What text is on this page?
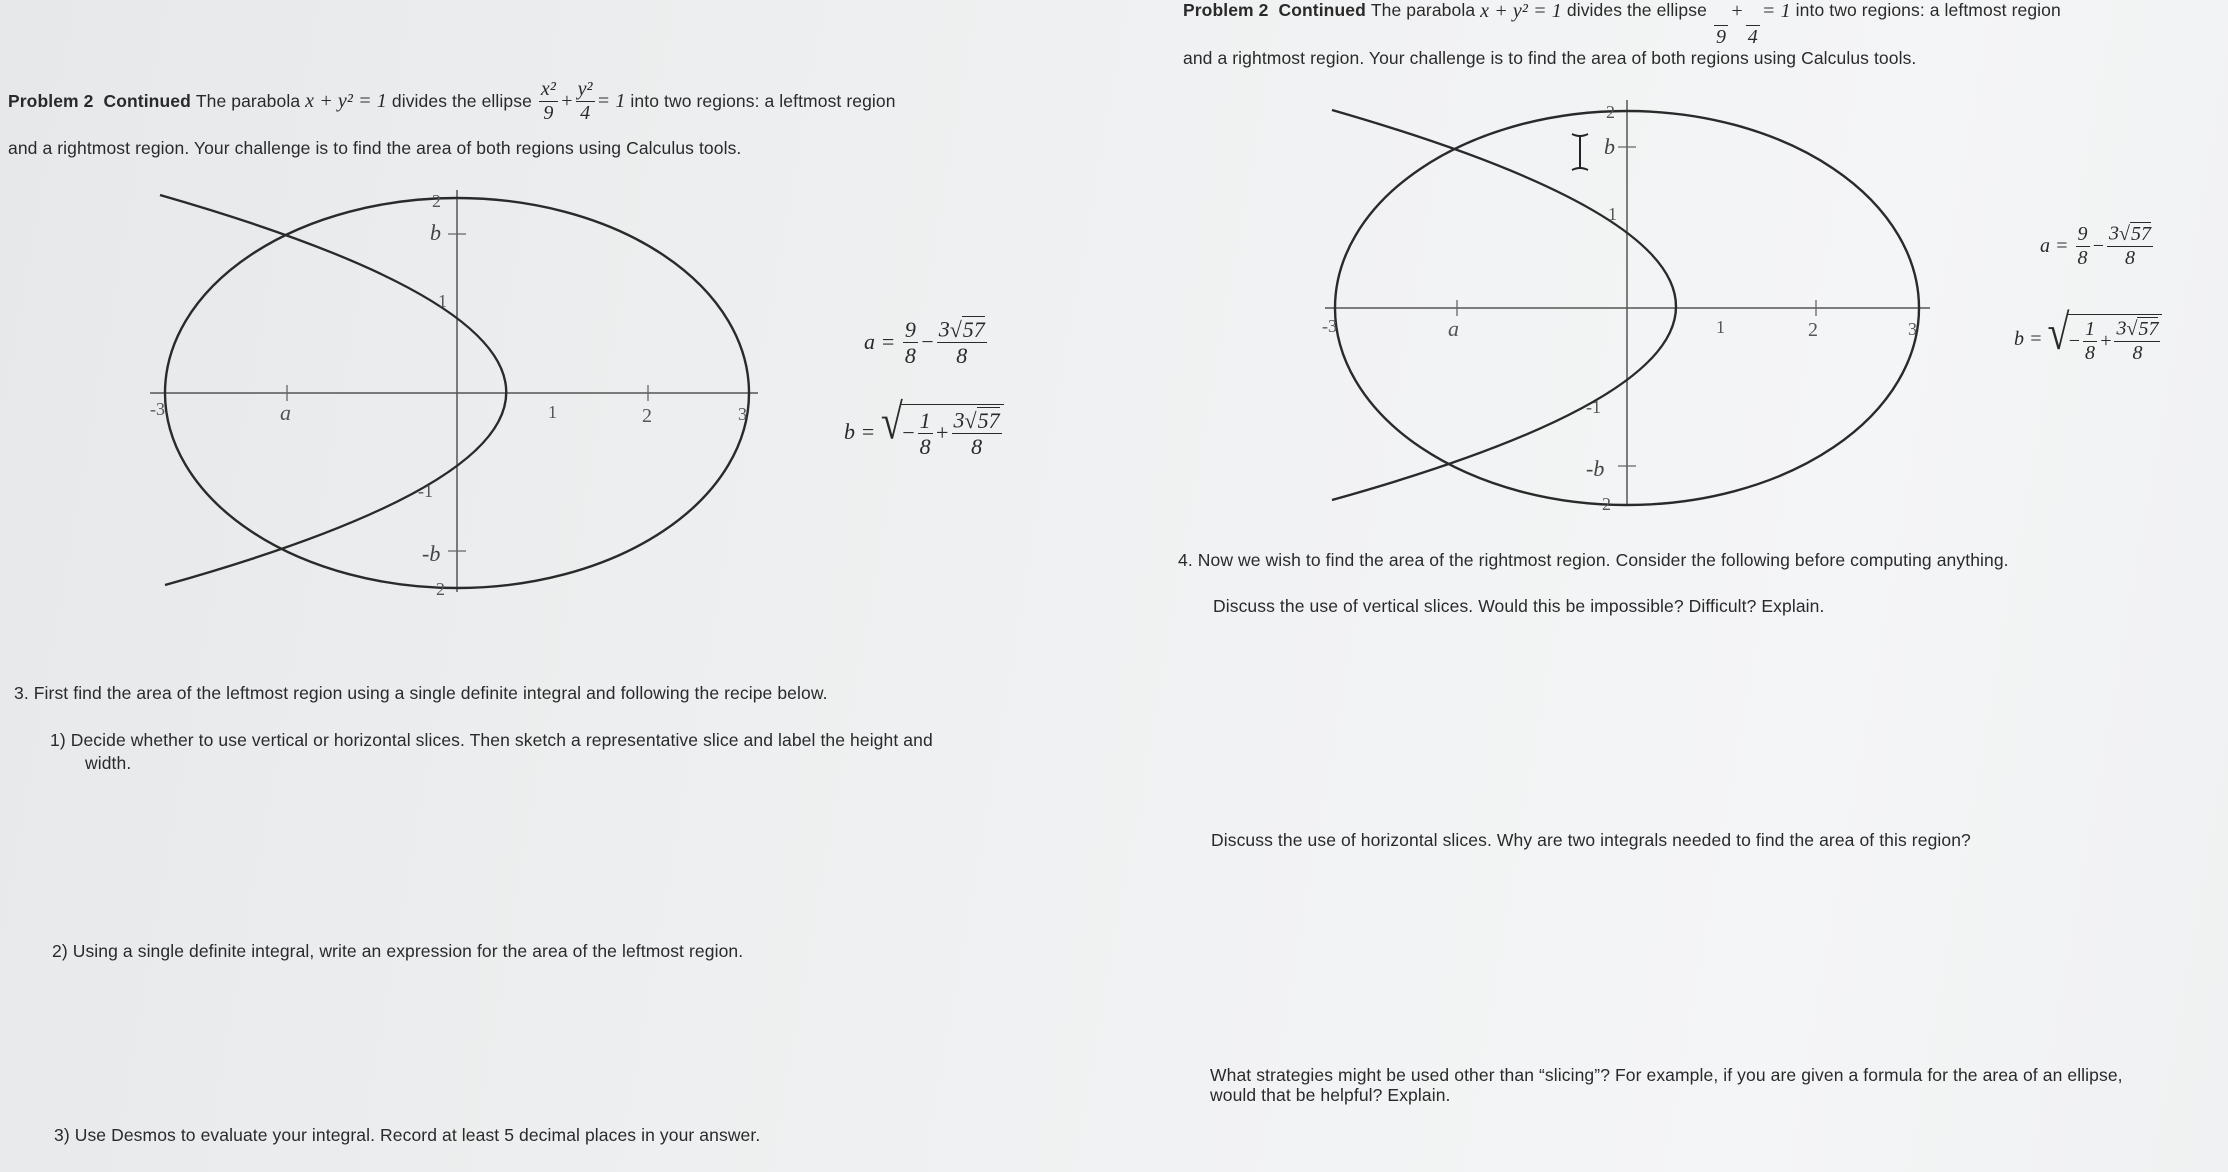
Problem 2
Continued
The parabola
x + y² = 1
divides the ellipse
$\frac{\text{x²}}{9} + \frac{\text{y²}}{4} = 1$
into two regions: a leftmost region
and a rightmost region. Your challenge is to find the area of both regions using Calculus tools.
2
1
-1
2
-3	1	2	3
b
-b
a
a =
$\frac{9}{8} - \frac{3 √ 57}{8}$
b =
√
− $\frac{1}{8} + \frac{3 √ 57}{8}$
3. First find the area of the leftmost region using a single definite integral and following the recipe below.
1) Decide whether to use vertical or horizontal slices. Then sketch a representative slice and label the height and
width.
2) Using a single definite integral, write an expression for the area of the leftmost region.
3) Use Desmos to evaluate your integral. Record at least 5 decimal places in your answer.
Problem 2
Continued
The parabola
x + y² = 1
divides the ellipse

9
+

4
= 1
into two regions: a leftmost region
and a rightmost region. Your challenge is to find the area of both regions using Calculus tools.
2
1
-1
2
-3	1	2	3
b
-b
a
a =
$\frac{9}{8} - \frac{3 √ 57}{8}$
b =
√
− $\frac{1}{8} + \frac{3 √ 57}{8}$
4. Now we wish to find the area of the rightmost region. Consider the following before computing anything.
Discuss the use of vertical slices. Would this be impossible? Difficult? Explain.
Discuss the use of horizontal slices. Why are two integrals needed to find the area of this region?
What strategies might be used other than “slicing”? For example, if you are given a formula for the area of an ellipse,
would that be helpful? Explain.
